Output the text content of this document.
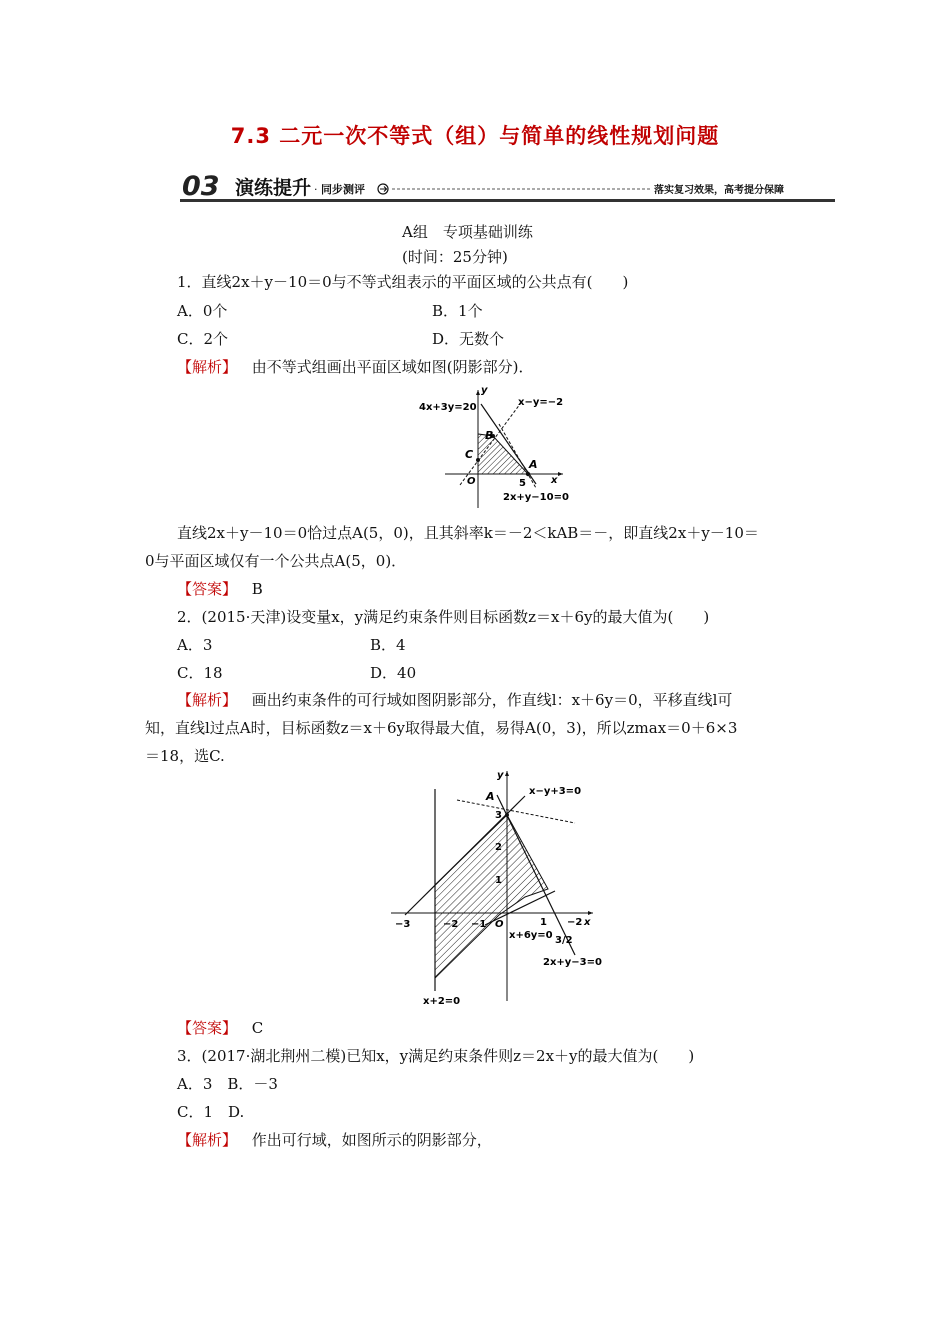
7.3 二元一次不等式（组）与简单的线性规划问题
03 演练提升 · 同步测评	落实复习效果，高考提分保障
A组　专项基础训练
(时间：25分钟)
1．直线2x＋y－10＝0与不等式组表示的平面区域的公共点有(　　)
A．0个	B．1个
C．2个	D．无数个
【解析】 由不等式组画出平面区域如图(阴影部分)．
4x+3y=20
y
x−y=−2
B
C
A
O	5	x
2x+y−10=0
直线2x＋y－10＝0恰过点A(5，0)，且其斜率k＝－2＜kAB＝－，即直线2x＋y－10＝
0与平面区域仅有一个公共点A(5，0)．
【答案】 B
2．(2015·天津)设变量x，y满足约束条件则目标函数z＝x＋6y的最大值为(　　)
A．3	B．4
C．18	D．40
【解析】 画出约束条件的可行域如图阴影部分，作直线l：x＋6y＝0，平移直线l可
知，直线l过点A时，目标函数z＝x＋6y取得最大值，易得A(0，3)，所以zmax＝0＋6×3
＝18，选C.
y
A	x−y+3=0
3
2
1
−3	−2 −1 O	1 −2 x
x+6y=0 3/2
2x+y−3=0
x+2=0
【答案】 C
3．(2017·湖北荆州二模)已知x，y满足约束条件则z＝2x＋y的最大值为(　　)
A．3　B．－3
C．1　D.
【解析】 作出可行域，如图所示的阴影部分，
